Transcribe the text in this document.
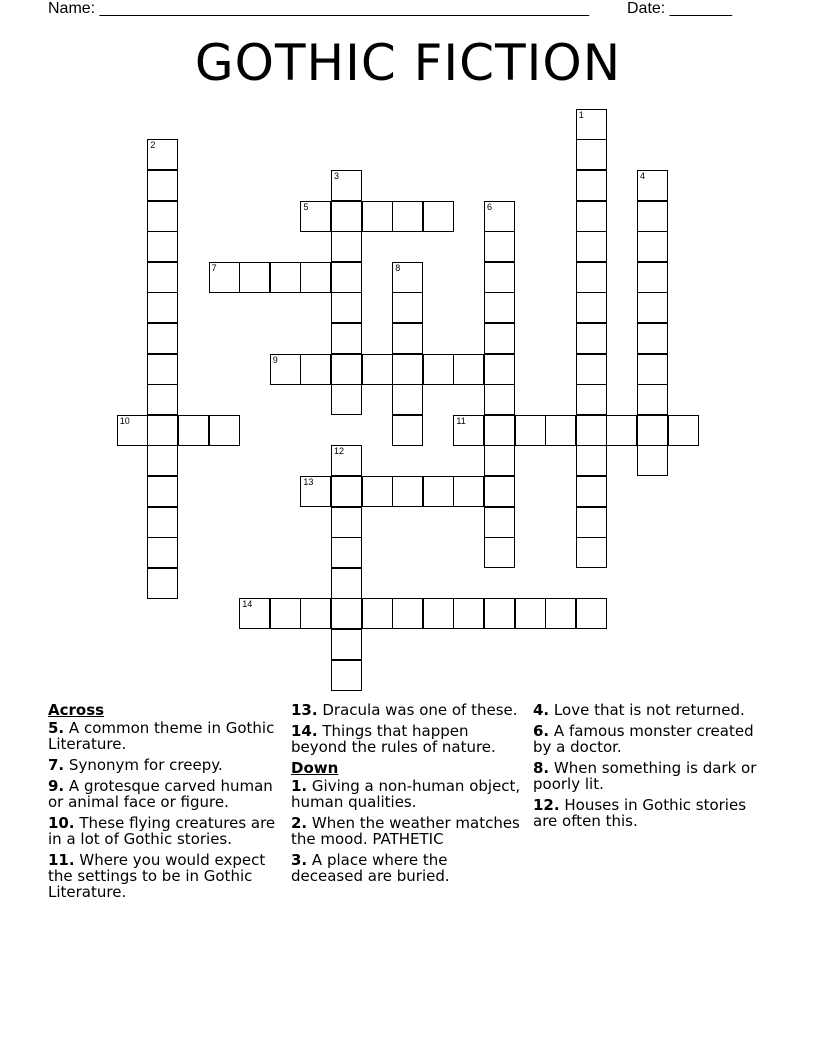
Name: _______________________________________________________ Date: _______
GOTHIC FICTION
1
2
3	4
5	6
7	8
9
10	11
12
13
14
Across
5. A common theme in Gothic Literature.
7. Synonym for creepy.
9. A grotesque carved human or animal face or figure.
10. These flying creatures are in a lot of Gothic stories.
11. Where you would expect the settings to be in Gothic Literature.
13. Dracula was one of these.
14. Things that happen beyond the rules of nature.
Down
1. Giving a non-human object, human qualities.
2. When the weather matches the mood. PATHETIC
3. A place where the deceased are buried.
4. Love that is not returned.
6. A famous monster created by a doctor.
8. When something is dark or poorly lit.
12. Houses in Gothic stories are often this.
